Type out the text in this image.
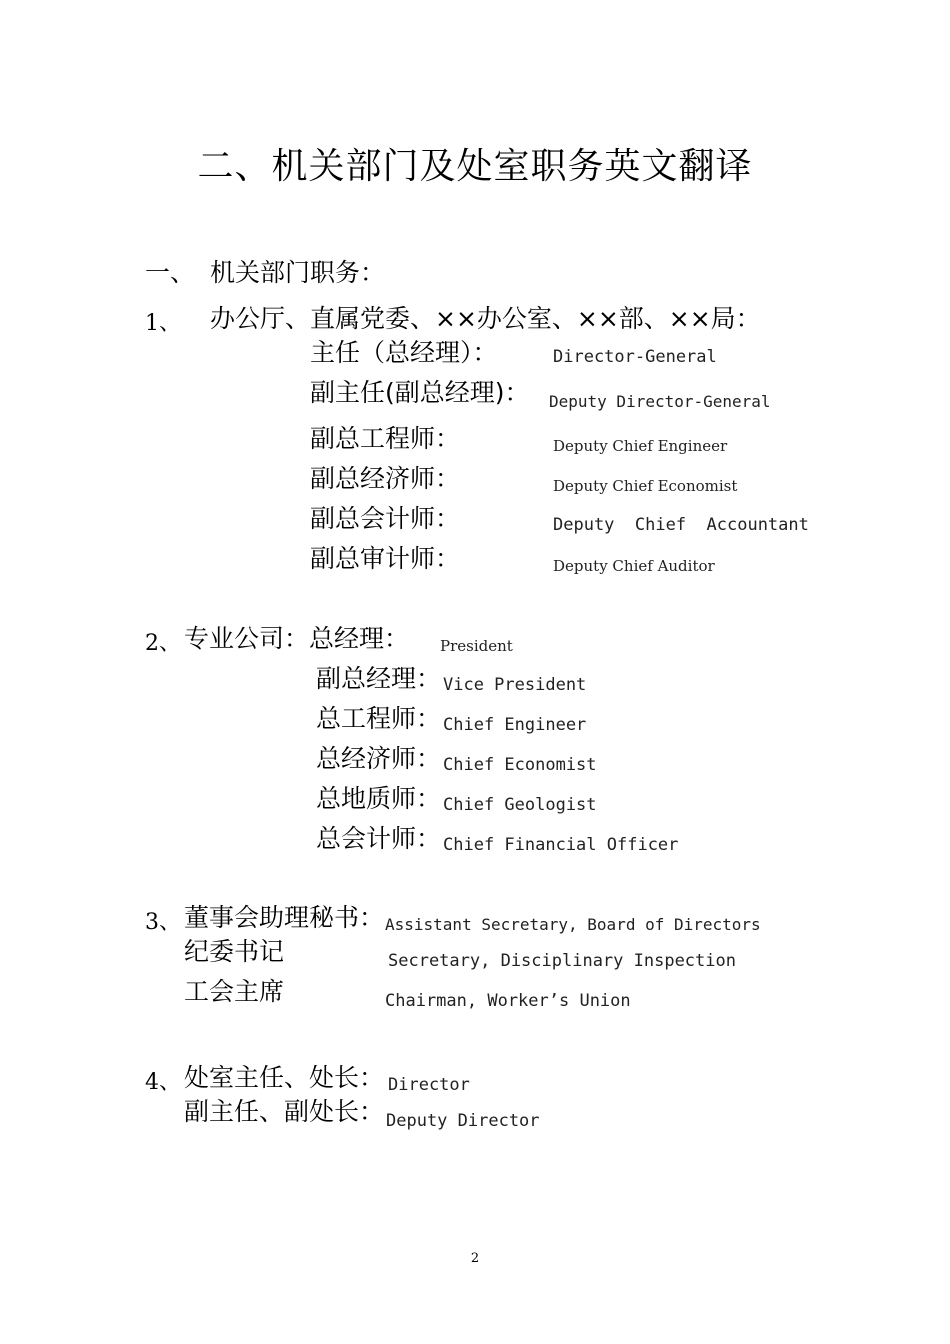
二、机关部门及处室职务英文翻译
一、 机关部门职务：
1、 办公厅、直属党委、××办公室、××部、××局：
主任（总经理）：	Director-General
副主任(副总经理)： Deputy Director-General
副总工程师：	Deputy Chief Engineer
副总经济师：	Deputy Chief Economist
副总会计师：	Deputy  Chief  Accountant
副总审计师：	Deputy Chief Auditor
2、 专业公司：总经理： President
副总经理： Vice President
总工程师： Chief Engineer
总经济师： Chief Economist
总地质师： Chief Geologist
总会计师： Chief Financial Officer
3、 董事会助理秘书： Assistant Secretary, Board of Directors
纪委书记	Secretary, Disciplinary Inspection
工会主席	Chairman, Worker’s Union
4、 处室主任、处长： Director
副主任、副处长： Deputy Director
2
